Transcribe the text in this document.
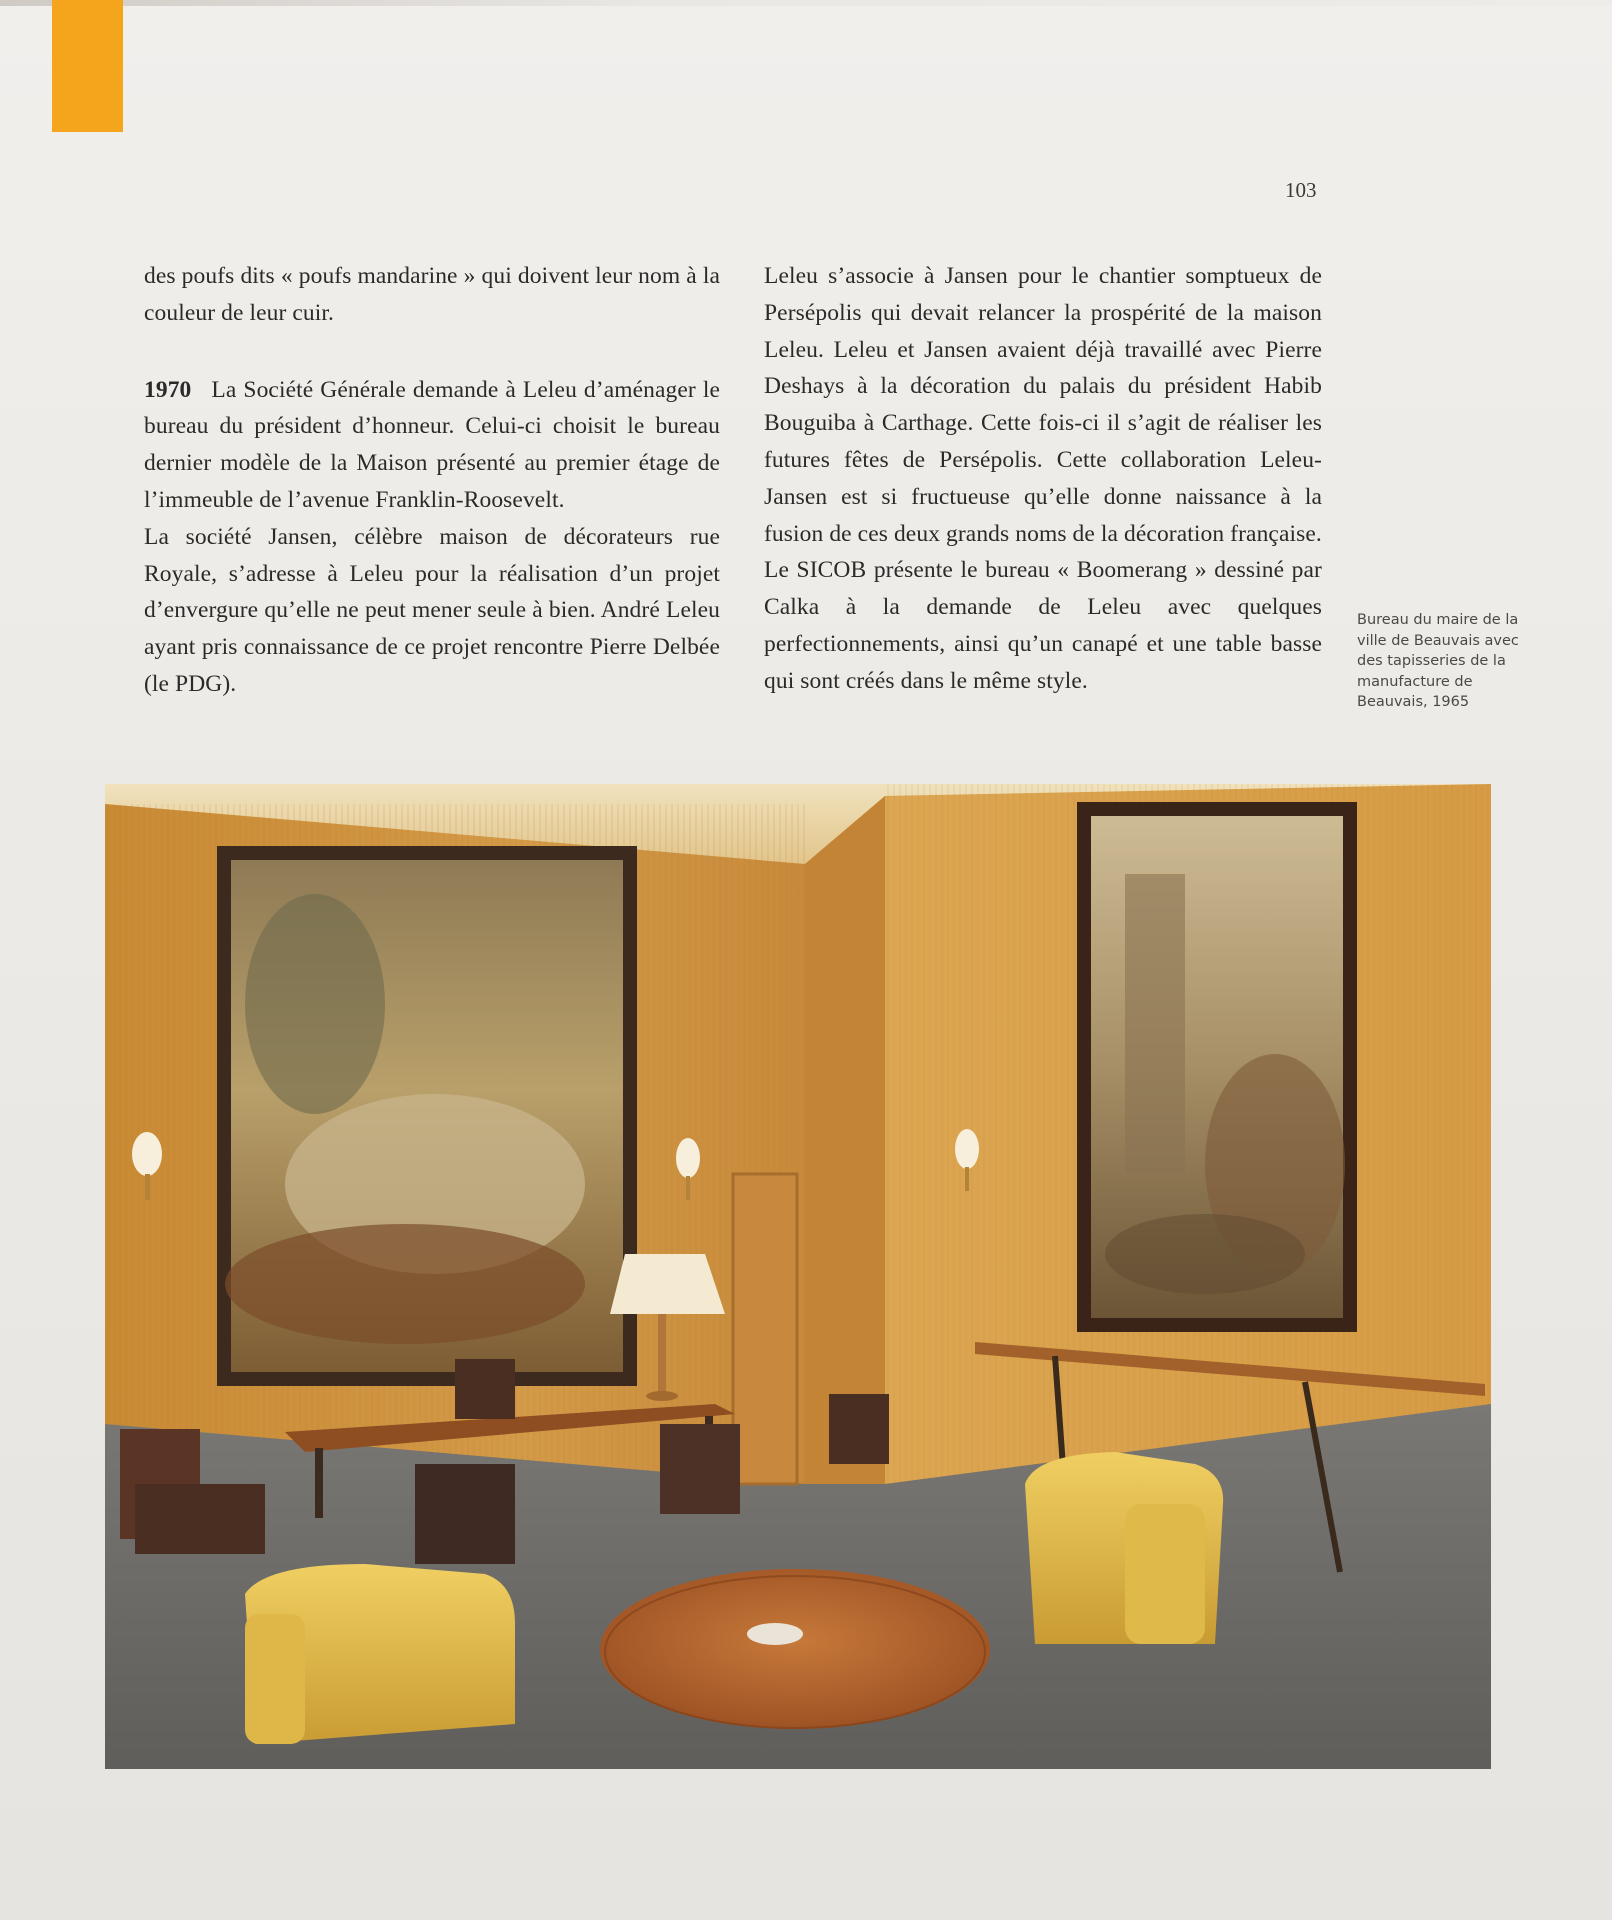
103

des poufs dits « poufs mandarine » qui doivent leur nom à la couleur de leur cuir.

1970 La Société Générale demande à Leleu d’aménager le bureau du président d’honneur. Celui-ci choisit le bureau dernier modèle de la Maison présenté au premier étage de l’immeuble de l’avenue Franklin-Roosevelt.

La société Jansen, célèbre maison de décorateurs rue Royale, s’adresse à Leleu pour la réalisation d’un projet d’envergure qu’elle ne peut mener seule à bien. André Leleu ayant pris connaissance de ce projet rencontre Pierre Delbée (le PDG).

Leleu s’associe à Jansen pour le chantier somptueux de Persépolis qui devait relancer la prospérité de la maison Leleu. Leleu et Jansen avaient déjà travaillé avec Pierre Deshays à la décoration du palais du président Habib Bouguiba à Carthage. Cette fois-ci il s’agit de réaliser les futures fêtes de Persépolis. Cette collaboration Leleu-Jansen est si fructueuse qu’elle donne naissance à la fusion de ces deux grands noms de la décoration française.

Le SICOB présente le bureau « Boomerang » dessiné par Calka à la demande de Leleu avec quelques perfectionnements, ainsi qu’un canapé et une table basse qui sont créés dans le même style.

Bureau du maire de la
ville de Beauvais avec
des tapisseries de la
manufacture de
Beauvais, 1965
